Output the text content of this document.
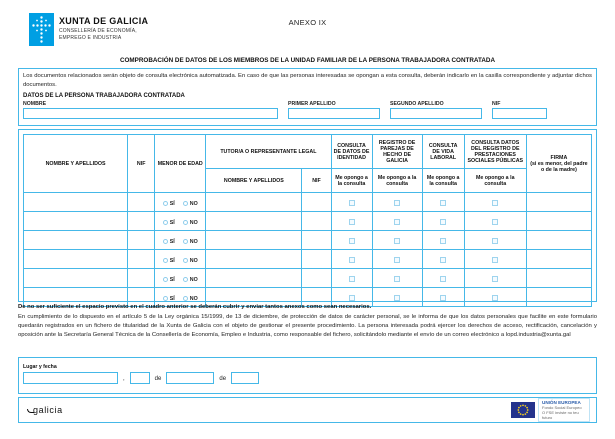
XUNTA DE GALICIA
CONSELLERÍA DE ECONOMÍA,
EMPREGO E INDUSTRIA
ANEXO IX
COMPROBACIÓN DE DATOS DE LOS MIEMBROS DE LA UNIDAD FAMILIAR DE LA PERSONA TRABAJADORA CONTRATADA
Los documentos relacionados serán objeto de consulta electrónica automatizada. En caso de que las personas interesadas se opongan a esta consulta, deberán indicarlo en la casilla correspondiente y adjuntar dichos documentos.
DATOS DE LA PERSONA TRABAJADORA CONTRATADA
NOMBRE	PRIMER APELLIDO	SEGUNDO APELLIDO	NIF
NOMBRE Y APELLIDOS	NIF	MENOR DE EDAD	TUTOR/A O REPRESENTANTE LEGAL		CONSULTA DE DATOS DE IDENTIDAD	REGISTRO DE PAREJAS DE HECHO DE GALICIA	CONSULTA DE VIDA LABORAL	CONSULTA DATOS DEL REGISTRO DE PRESTACIONES SOCIALES PÚBLICAS	FIRMA
(si es menor, del padre o de la madre)
			NOMBRE Y APELLIDOS	NIF	Me opongo a la consulta	Me opongo a la consulta	Me opongo a la consulta	Me opongo a la consulta	

		SÍ NO							

		SÍ NO							

		SÍ NO							

		SÍ NO							

		SÍ NO							

		SÍ NO							

De no ser suficiente el espacio previsto en el cuadro anterior se deberán cubrir y enviar tantos anexos como sean necesarios.
En cumplimiento de lo dispuesto en el artículo 5 de la Ley orgánica 15/1999, de 13 de diciembre, de protección de datos de carácter personal, se le informa de que los datos personales que facilite en este formulario quedarán registrados en un fichero de titularidad de la Xunta de Galicia con el objeto de gestionar el presente procedimiento. La persona interesada podrá ejercer los derechos de acceso, rectificación, cancelación y oposición ante la Secretaría General Técnica de la Consellería de Economía, Empleo e Industria, como responsable del fichero, solicitándolo mediante el envío de un correo electrónico a lopd.industria@xunta.gal
Lugar y fecha
,	de	de
galicia
UNIÓN EUROPEA
Fondo Social Europeo
O FSE inviste no teu futuro
